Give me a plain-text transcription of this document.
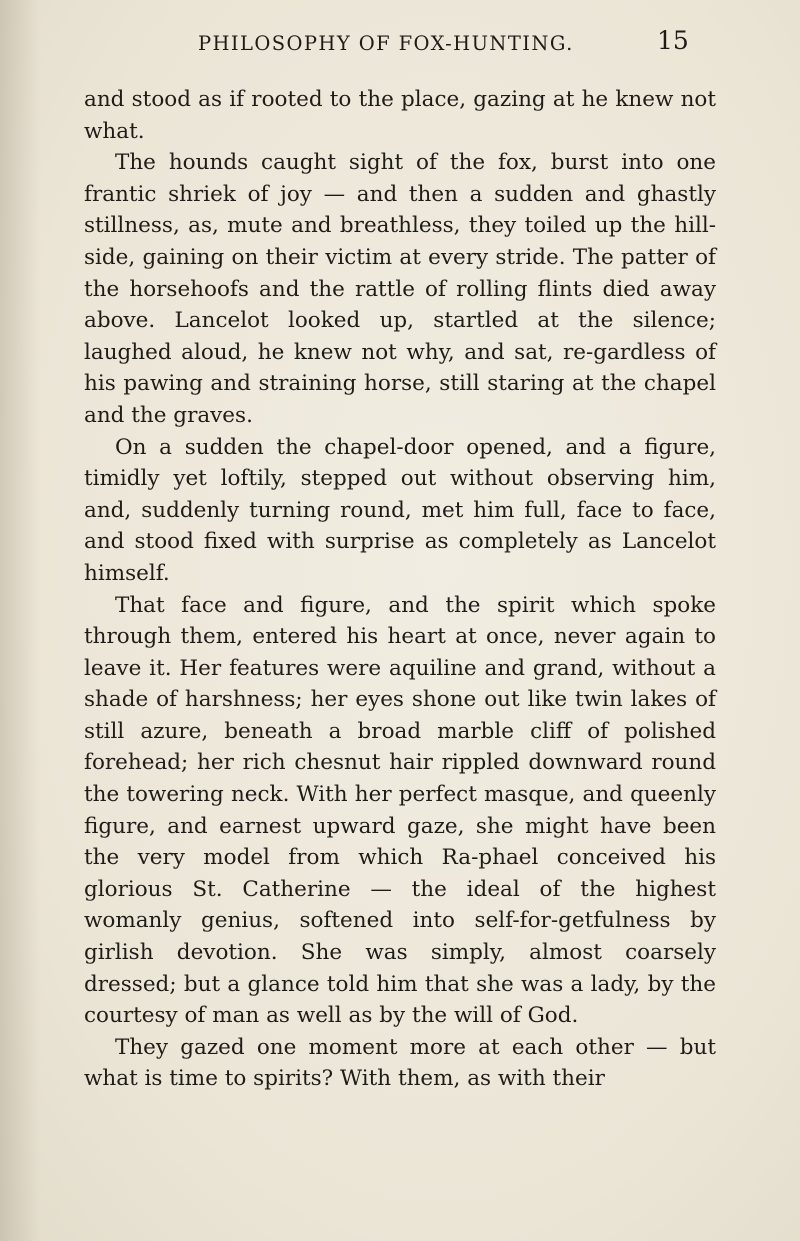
PHILOSOPHY OF FOX-HUNTING.	15

and stood as if rooted to the place, gazing at he knew not what.

The hounds caught sight of the fox, burst into one frantic shriek of joy — and then a sudden and ghastly stillness, as, mute and breathless, they toiled up the hill-side, gaining on their victim at every stride. The patter of the horsehoofs and the rattle of rolling flints died away above. Lancelot looked up, startled at the silence; laughed aloud, he knew not why, and sat, re-gardless of his pawing and straining horse, still staring at the chapel and the graves.

On a sudden the chapel-door opened, and a figure, timidly yet loftily, stepped out without observing him, and, suddenly turning round, met him full, face to face, and stood fixed with surprise as completely as Lancelot himself.

That face and figure, and the spirit which spoke through them, entered his heart at once, never again to leave it. Her features were aquiline and grand, without a shade of harshness; her eyes shone out like twin lakes of still azure, beneath a broad marble cliff of polished forehead; her rich chesnut hair rippled downward round the towering neck. With her perfect masque, and queenly figure, and earnest upward gaze, she might have been the very model from which Ra-phael conceived his glorious St. Catherine — the ideal of the highest womanly genius, softened into self-for-getfulness by girlish devotion. She was simply, almost coarsely dressed; but a glance told him that she was a lady, by the courtesy of man as well as by the will of God.

They gazed one moment more at each other — but what is time to spirits? With them, as with their
